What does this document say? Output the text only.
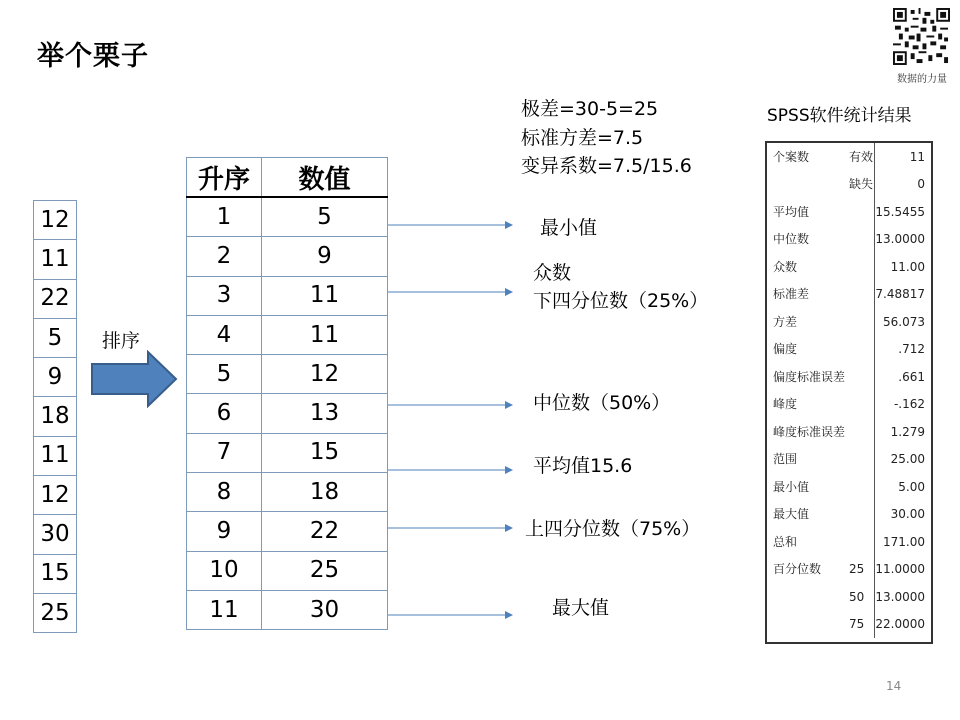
举个栗子
数据的力量
12
11
22
5
9
18
11
12
30
15
25
排序
升序	数值
1	5
2	9
3	11
4	11
5	12
6	13
7	15
8	18
9	22
10	25
11	30
最小值
众数
下四分位数（25%）
中位数（50%）
平均值15.6
上四分位数（75%）
最大值
极差=30-5=25
标准方差=7.5
变异系数=7.5/15.6
SPSS软件统计结果
个案数	有效	11
	缺失	0
平均值		15.5455
中位数		13.0000
众数		11.00
标准差		7.48817
方差		56.073
偏度		.712
偏度标准误差		.661
峰度		-.162
峰度标准误差		1.279
范围		25.00
最小值		5.00
最大值		30.00
总和		171.00
百分位数	25	11.0000
	50	13.0000
	75	22.0000
14
